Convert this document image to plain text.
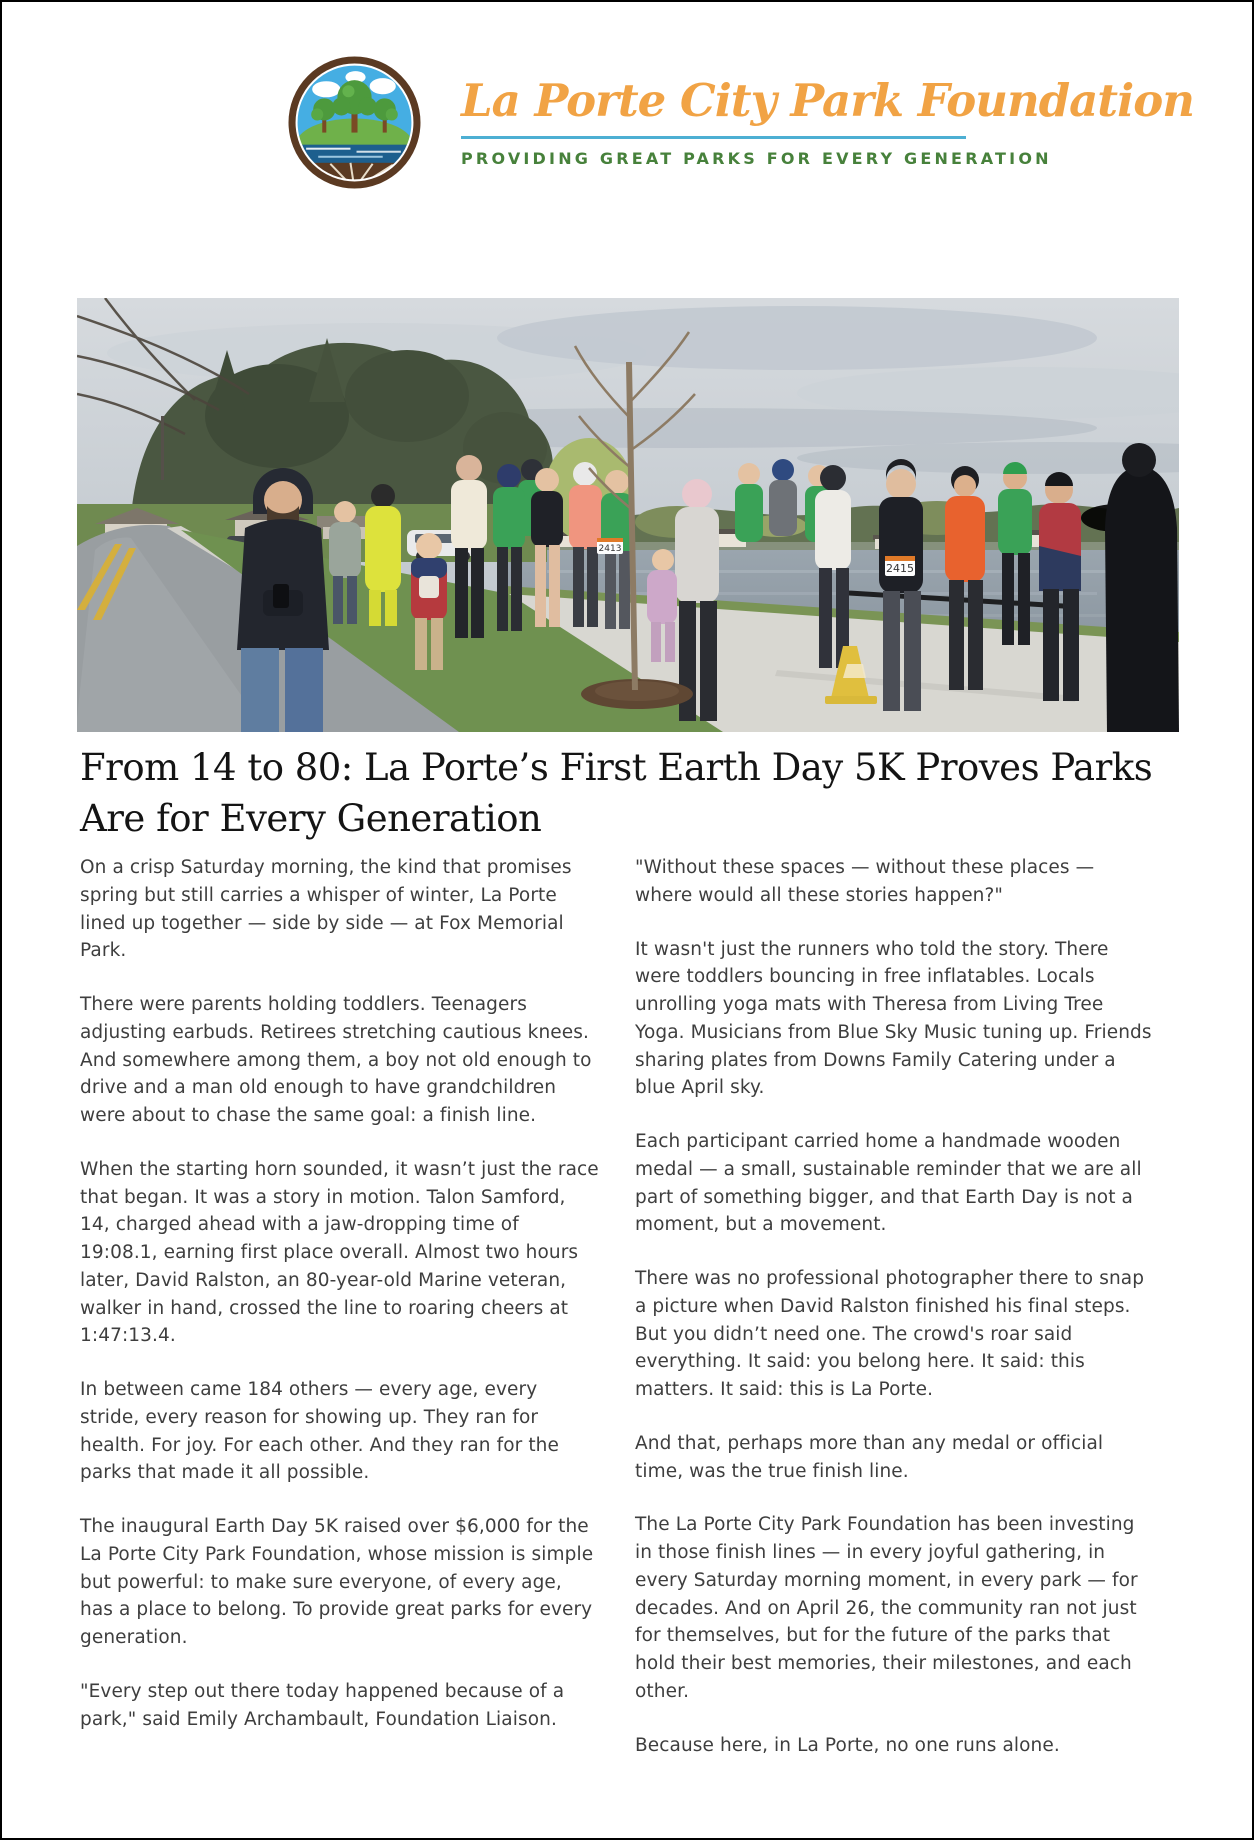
La Porte City Park Foundation
PROVIDING GREAT PARKS FOR EVERY GENERATION
2413
2415
From 14 to 80: La Porte’s First Earth Day 5K Proves Parks Are for Every Generation

On a crisp Saturday morning, the kind that promises spring but still carries a whisper of winter, La Porte lined up together — side by side — at Fox Memorial Park.

There were parents holding toddlers. Teenagers adjusting earbuds. Retirees stretching cautious knees. And somewhere among them, a boy not old enough to drive and a man old enough to have grandchildren were about to chase the same goal: a finish line.

When the starting horn sounded, it wasn’t just the race that began. It was a story in motion. Talon Samford, 14, charged ahead with a jaw-dropping time of 19:08.1, earning first place overall. Almost two hours later, David Ralston, an 80-year-old Marine veteran, walker in hand, crossed the line to roaring cheers at 1:47:13.4.

In between came 184 others — every age, every stride, every reason for showing up. They ran for health. For joy. For each other. And they ran for the parks that made it all possible.

The inaugural Earth Day 5K raised over $6,000 for the La Porte City Park Foundation, whose mission is simple but powerful: to make sure everyone, of every age, has a place to belong. To provide great parks for every generation.

"Every step out there today happened because of a park," said Emily Archambault, Foundation Liaison.

"Without these spaces — without these places — where would all these stories happen?"

It wasn't just the runners who told the story. There were toddlers bouncing in free inflatables. Locals unrolling yoga mats with Theresa from Living Tree Yoga. Musicians from Blue Sky Music tuning up. Friends sharing plates from Downs Family Catering under a blue April sky.

Each participant carried home a handmade wooden medal — a small, sustainable reminder that we are all part of something bigger, and that Earth Day is not a moment, but a movement.

There was no professional photographer there to snap a picture when David Ralston finished his final steps. But you didn’t need one. The crowd's roar said everything. It said: you belong here. It said: this matters. It said: this is La Porte.

And that, perhaps more than any medal or official time, was the true finish line.

The La Porte City Park Foundation has been investing in those finish lines — in every joyful gathering, in every Saturday morning moment, in every park — for decades. And on April 26, the community ran not just for themselves, but for the future of the parks that hold their best memories, their milestones, and each other.

Because here, in La Porte, no one runs alone.
